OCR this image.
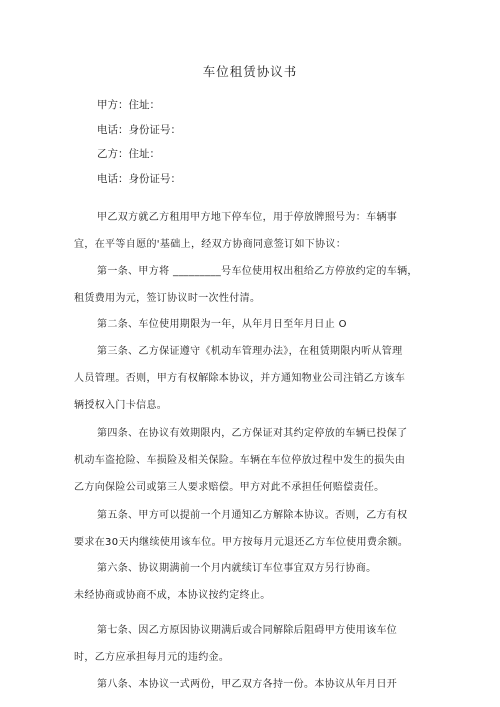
车位租赁协议书
甲方：住址：
电话：身份证号：
乙方：住址：
电话：身份证号：
甲乙双方就乙方租用甲方地下停车位，用于停放牌照号为：车辆事
宜，在平等自愿的'基础上，经双方协商同意签订如下协议：
第一条、甲方将 _________号车位使用权出租给乙方停放约定的车辆，
租赁费用为元，签订协议时一次性付清。
第二条、车位使用期限为一年，从年月日至年月日止 O
第三条、乙方保证遵守《机动车管理办法》，在租赁期限内听从管理
人员管理。否则，甲方有权解除本协议，并方通知物业公司注销乙方该车
辆授权入门卡信息。
第四条、在协议有效期限内，乙方保证对其约定停放的车辆已投保了
机动车盗抢险、车损险及相关保险。车辆在车位停放过程中发生的损失由
乙方向保险公司或第三人要求赔偿。甲方对此不承担任何赔偿责任。
第五条、甲方可以提前一个月通知乙方解除本协议。否则，乙方有权
要求在30天内继续使用该车位。甲方按每月元退还乙方车位使用费余额。
第六条、协议期满前一个月内就续订车位事宜双方另行协商。
未经协商或协商不成，本协议按约定终止。
第七条、因乙方原因协议期满后或合同解除后阻碍甲方使用该车位
时，乙方应承担每月元的违约金。
第八条、本协议一式两份，甲乙双方各持一份。本协议从年月日开
